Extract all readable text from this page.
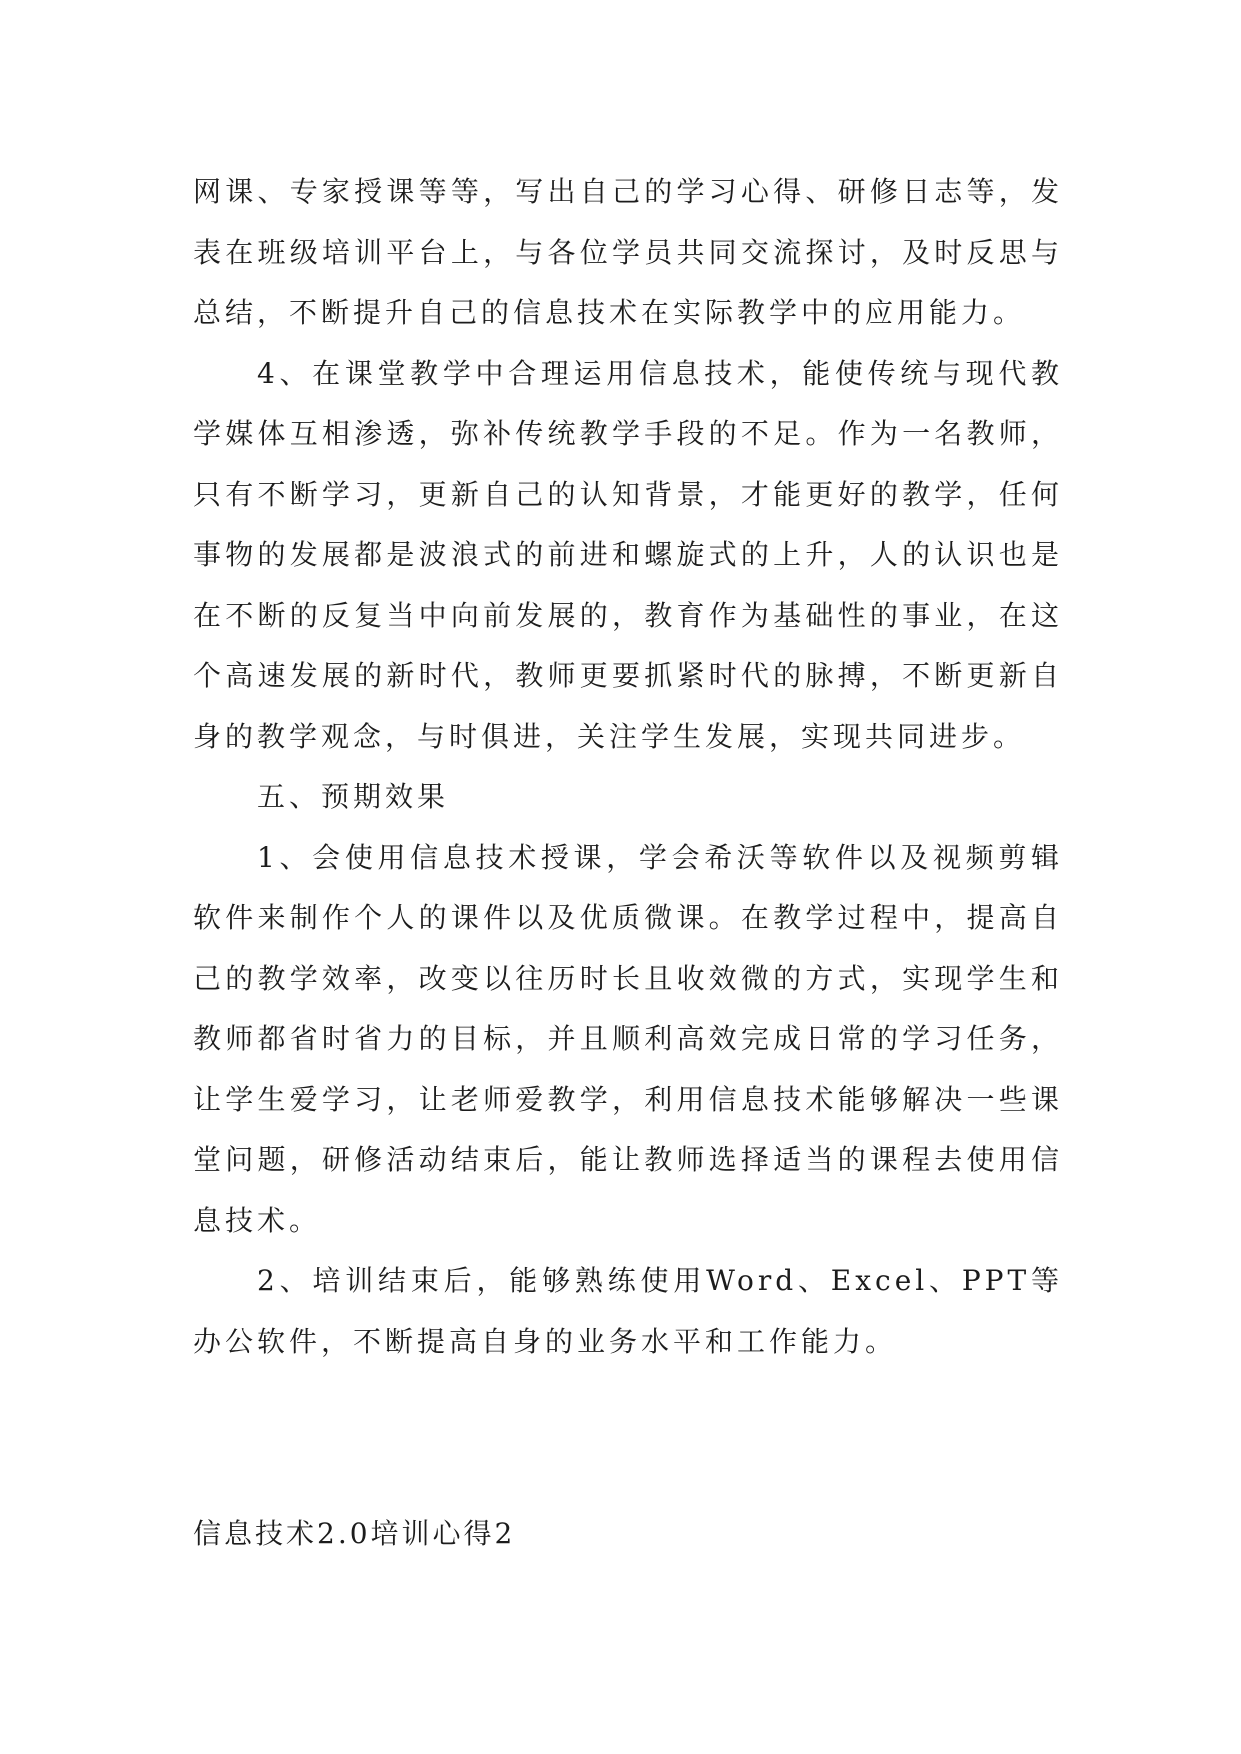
网课、专家授课等等，写出自己的学习心得、研修日志等，发表在班级培训平台上，与各位学员共同交流探讨，及时反思与总结，不断提升自己的信息技术在实际教学中的应用能力。

4、在课堂教学中合理运用信息技术，能使传统与现代教学媒体互相渗透，弥补传统教学手段的不足。作为一名教师，只有不断学习，更新自己的认知背景，才能更好的教学，任何事物的发展都是波浪式的前进和螺旋式的上升，人的认识也是在不断的反复当中向前发展的，教育作为基础性的事业，在这个高速发展的新时代，教师更要抓紧时代的脉搏，不断更新自身的教学观念，与时俱进，关注学生发展，实现共同进步。

五、预期效果

1、会使用信息技术授课，学会希沃等软件以及视频剪辑软件来制作个人的课件以及优质微课。在教学过程中，提高自己的教学效率，改变以往历时长且收效微的方式，实现学生和教师都省时省力的目标，并且顺利高效完成日常的学习任务，让学生爱学习，让老师爱教学，利用信息技术能够解决一些课堂问题，研修活动结束后，能让教师选择适当的课程去使用信息技术。

2、培训结束后，能够熟练使用Word、Excel、PPT等办公软件，不断提高自身的业务水平和工作能力。

信息技术2.0培训心得2
